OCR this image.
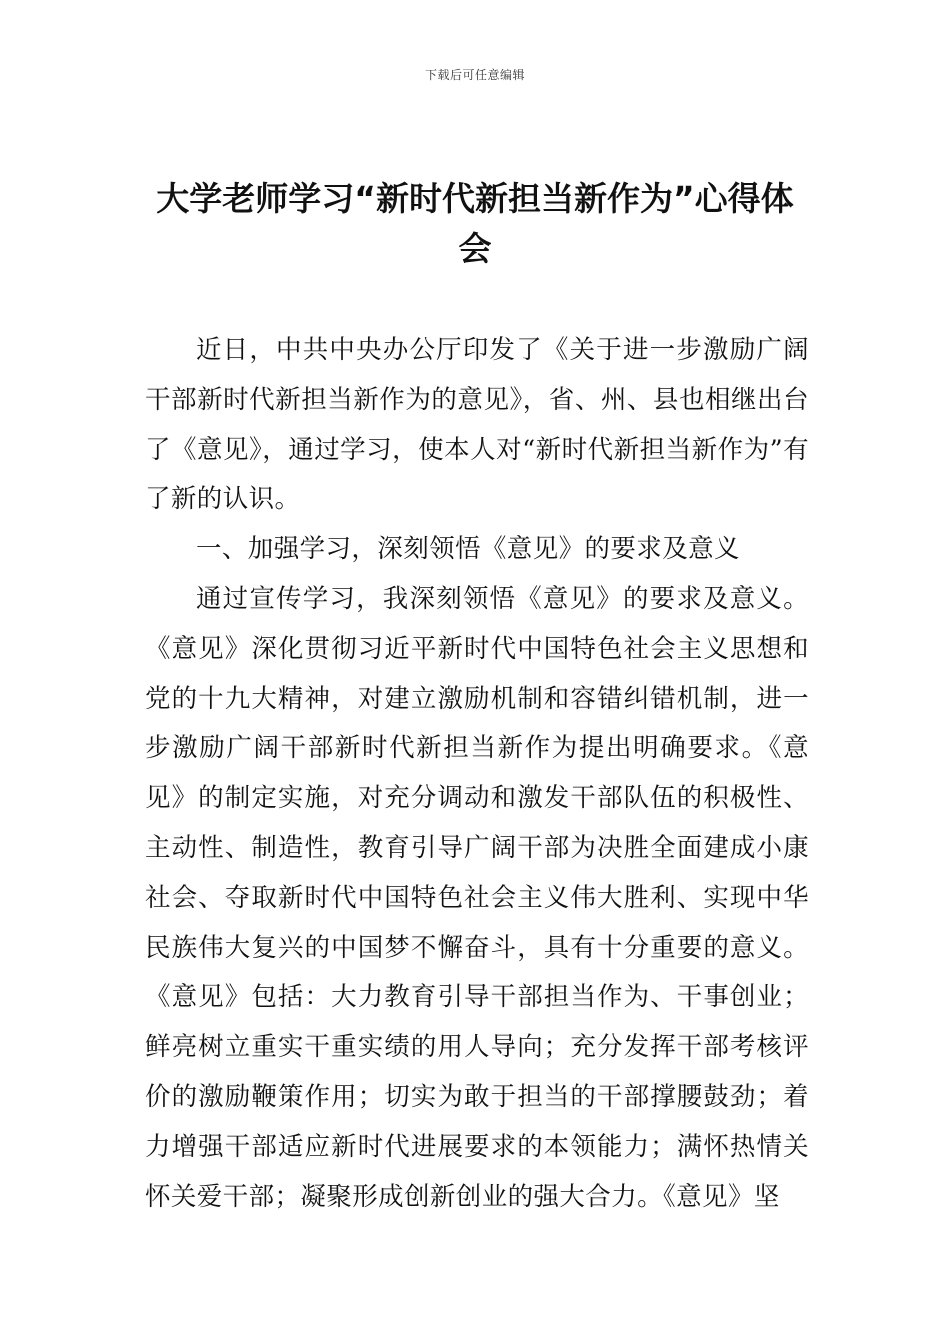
下载后可任意编辑
大学老师学习“新时代新担当新作为”心得体会

近日，中共中央办公厅印发了《关于进一步激励广阔干部新时代新担当新作为的意见》，省、州、县也相继出台了《意见》，通过学习，使本人对“新时代新担当新作为”有了新的认识。

一、加强学习，深刻领悟《意见》的要求及意义

通过宣传学习，我深刻领悟《意见》的要求及意义。《意见》深化贯彻习近平新时代中国特色社会主义思想和党的十九大精神，对建立激励机制和容错纠错机制，进一步激励广阔干部新时代新担当新作为提出明确要求。《意见》的制定实施，对充分调动和激发干部队伍的积极性、主动性、制造性，教育引导广阔干部为决胜全面建成小康社会、夺取新时代中国特色社会主义伟大胜利、实现中华民族伟大复兴的中国梦不懈奋斗，具有十分重要的意义。《意见》包括：大力教育引导干部担当作为、干事创业；鲜亮树立重实干重实绩的用人导向；充分发挥干部考核评价的激励鞭策作用；切实为敢于担当的干部撑腰鼓劲；着力增强干部适应新时代进展要求的本领能力；满怀热情关怀关爱干部；凝聚形成创新创业的强大合力。《意见》坚
